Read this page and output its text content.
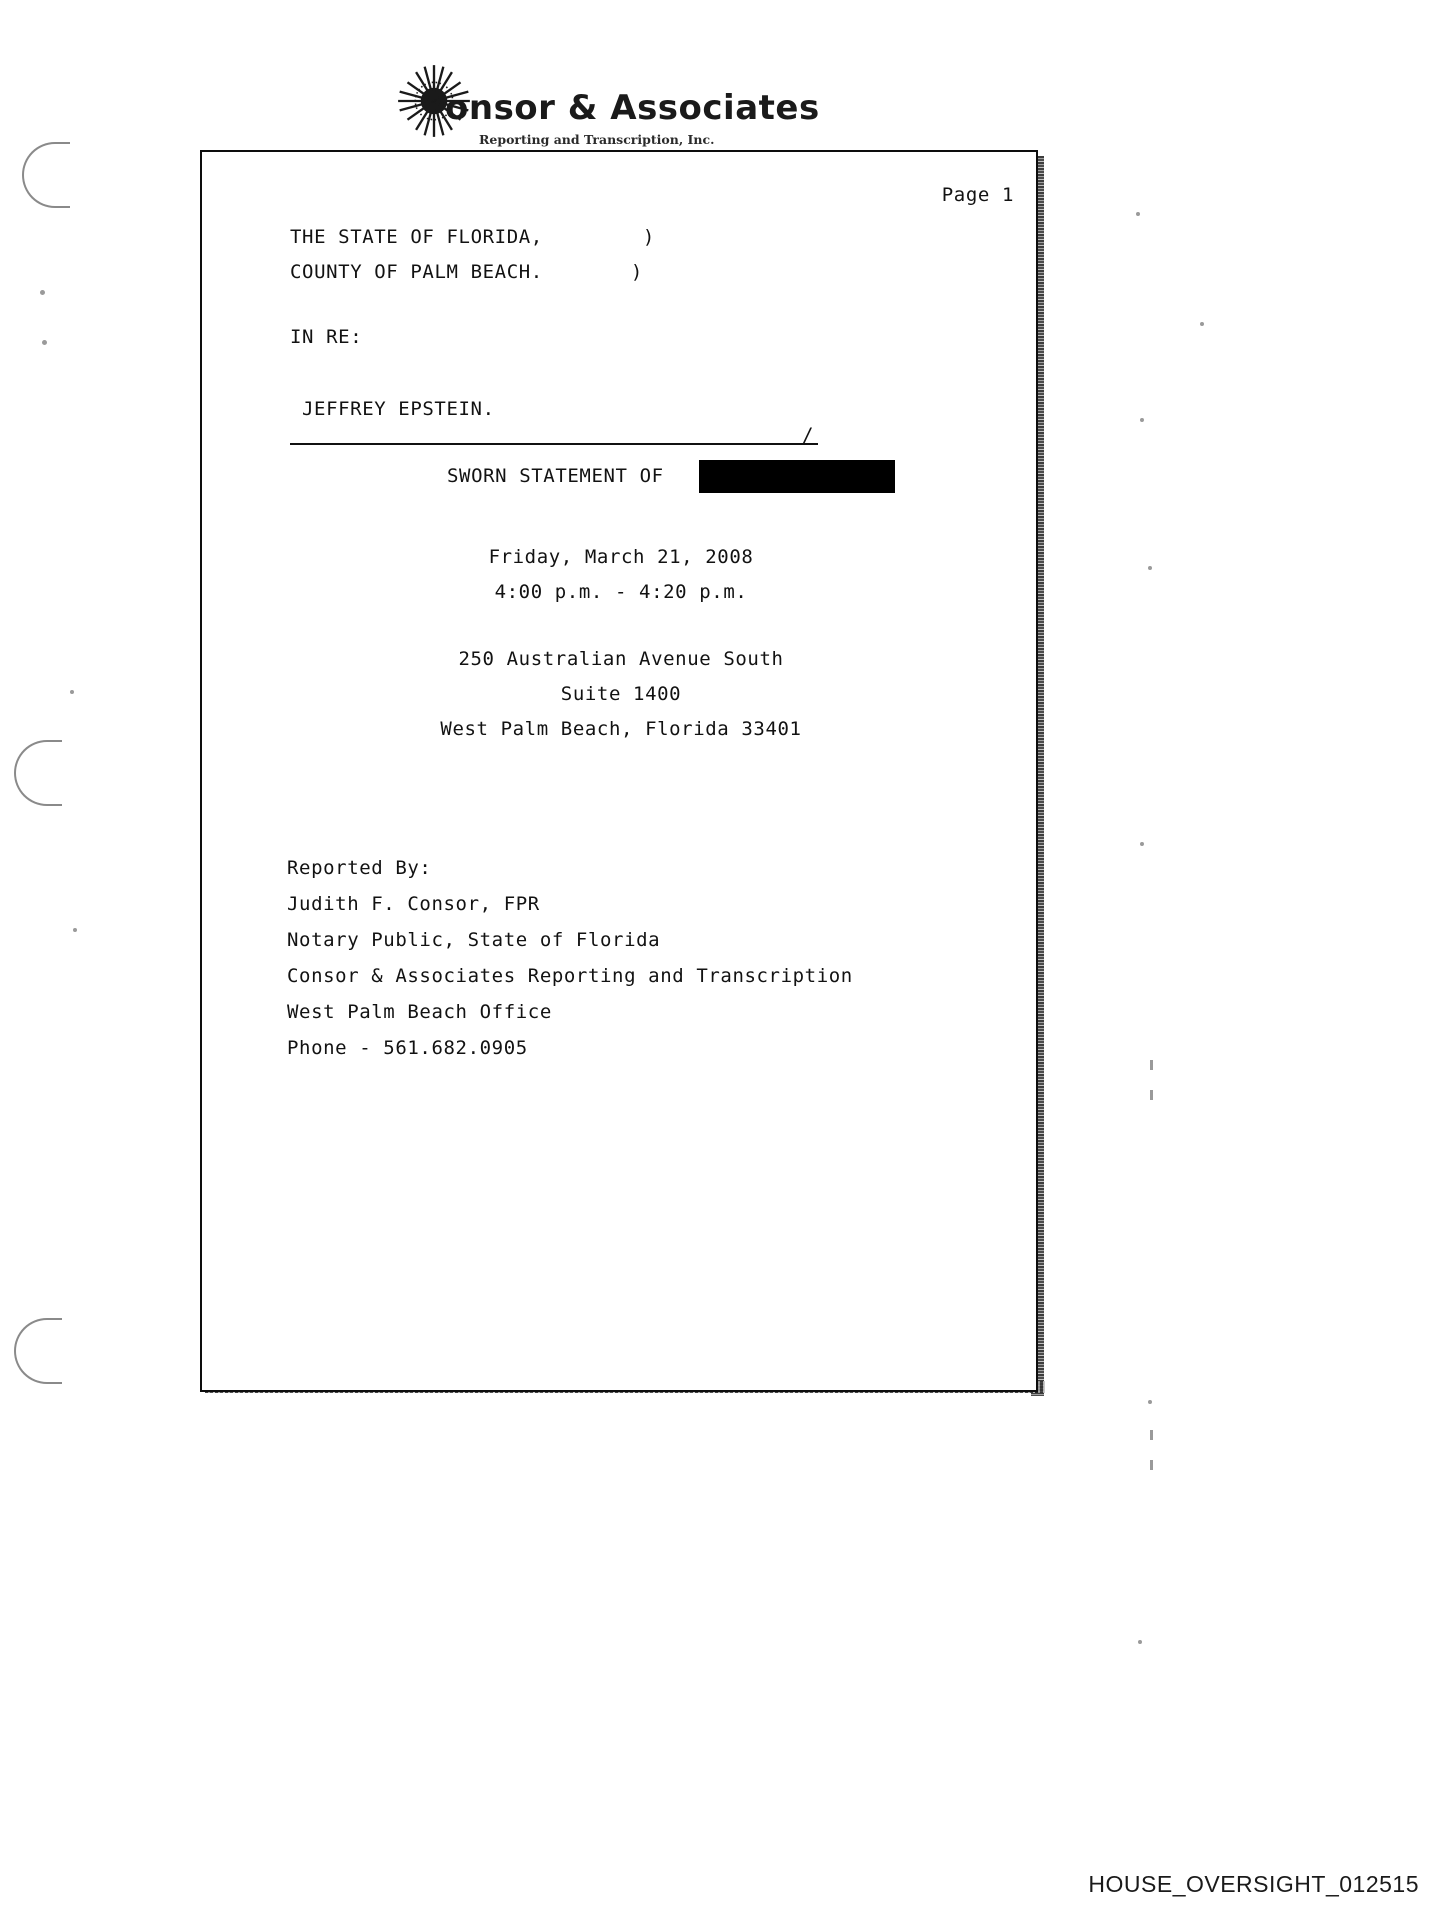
onsor & Associates
Reporting and Transcription, Inc.
Page 1
THE STATE OF FLORIDA,	)
COUNTY OF PALM BEACH.	)
IN RE:
JEFFREY EPSTEIN.
/
SWORN STATEMENT OF
Friday, March 21, 2008
4:00 p.m. - 4:20 p.m.
250 Australian Avenue South
Suite 1400
West Palm Beach, Florida 33401
Reported By:
Judith F. Consor, FPR
Notary Public, State of Florida
Consor & Associates Reporting and Transcription
West Palm Beach Office
Phone - 561.682.0905
HOUSE_OVERSIGHT_012515
